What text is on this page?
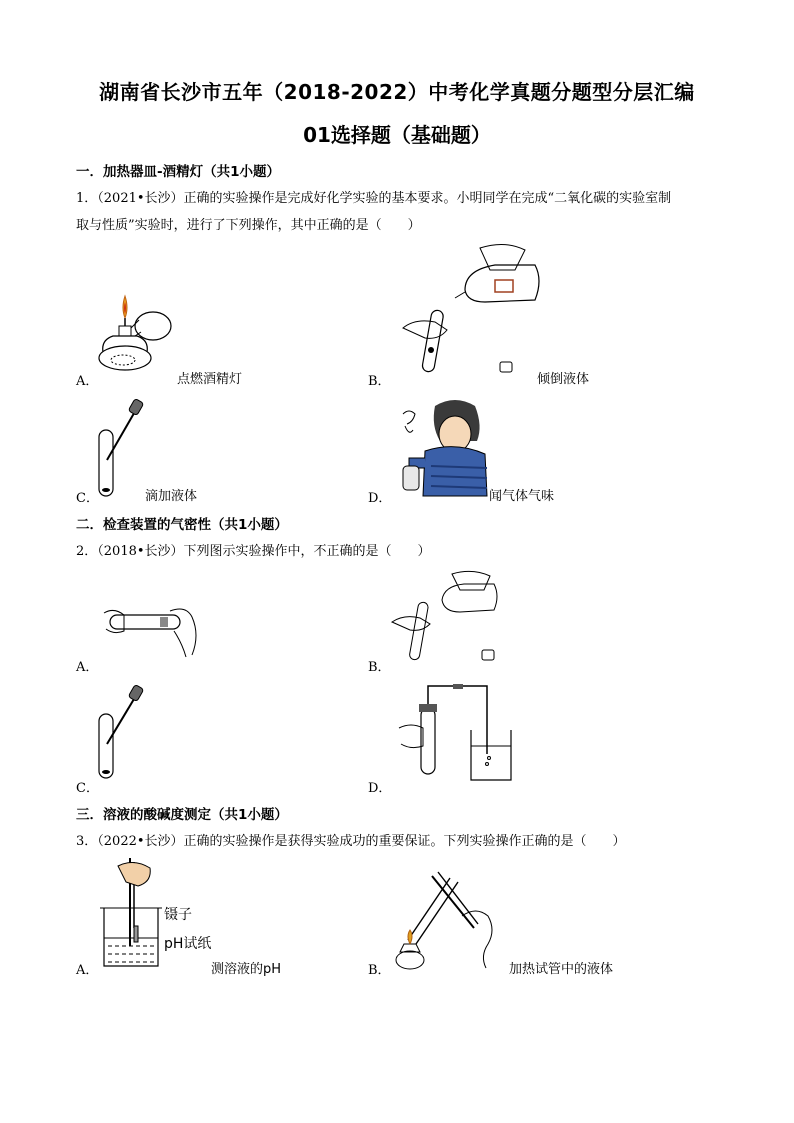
湖南省长沙市五年（2018-2022）中考化学真题分题型分层汇编
01选择题（基础题）
一．加热器皿-酒精灯（共1小题）
1．（2021•长沙）正确的实验操作是完成好化学实验的基本要求。小明同学在完成“二氧化碳的实验室制
取与性质”实验时，进行了下列操作，其中正确的是（　　）
A．	点燃酒精灯	B．	倾倒液体
C．	滴加液体	D．	闻气体气味
二．检查装置的气密性（共1小题）
2．（2018•长沙）下列图示实验操作中，不正确的是（　　）
A．	B．
C．	D．
三．溶液的酸碱度测定（共1小题）
3．（2022•长沙）正确的实验操作是获得实验成功的重要保证。下列实验操作正确的是（　　）
镊子
pH试纸
A．	测溶液的pH	B．	加热试管中的液体
